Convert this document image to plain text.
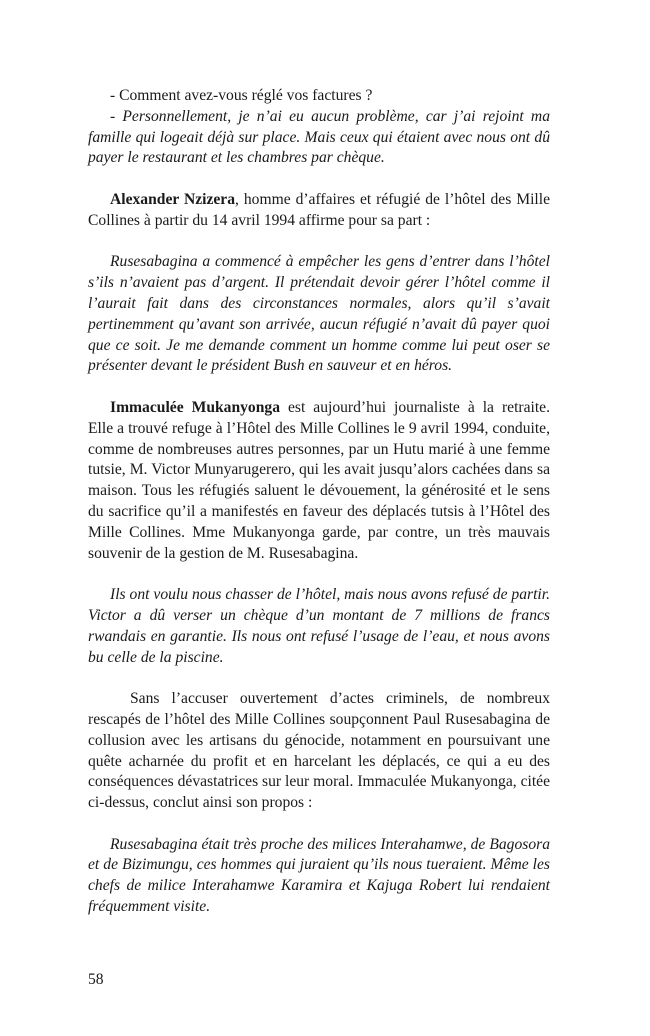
- Comment avez-vous réglé vos factures ?

- Personnellement, je n’ai eu aucun problème, car j’ai rejoint ma famille qui logeait déjà sur place. Mais ceux qui étaient avec nous ont dû payer le restaurant et les chambres par chèque.

Alexander Nzizera, homme d’affaires et réfugié de l’hôtel des Mille Collines à partir du 14 avril 1994 affirme pour sa part :

Rusesabagina a commencé à empêcher les gens d’entrer dans l’hôtel s’ils n’avaient pas d’argent. Il prétendait devoir gérer l’hôtel comme il l’aurait fait dans des circonstances normales, alors qu’il s’avait pertinemment qu’avant son arrivée, aucun réfugié n’avait dû payer quoi que ce soit. Je me demande comment un homme comme lui peut oser se présenter devant le président Bush en sauveur et en héros.

Immaculée Mukanyonga est aujourd’hui journaliste à la retraite. Elle a trouvé refuge à l’Hôtel des Mille Collines le 9 avril 1994, conduite, comme de nombreuses autres personnes, par un Hutu marié à une femme tutsie, M. Victor Munyarugerero, qui les avait jusqu’alors cachées dans sa maison. Tous les réfugiés saluent le dévouement, la générosité et le sens du sacrifice qu’il a manifestés en faveur des déplacés tutsis à l’Hôtel des Mille Collines. Mme Mukanyonga garde, par contre, un très mauvais souvenir de la gestion de M. Rusesabagina.

Ils ont voulu nous chasser de l’hôtel, mais nous avons refusé de partir. Victor a dû verser un chèque d’un montant de 7 millions de francs rwandais en garantie. Ils nous ont refusé l’usage de l’eau, et nous avons bu celle de la piscine.

Sans l’accuser ouvertement d’actes criminels, de nombreux rescapés de l’hôtel des Mille Collines soupçonnent Paul Rusesabagina de collusion avec les artisans du génocide, notamment en poursuivant une quête acharnée du profit et en harcelant les déplacés, ce qui a eu des conséquences dévastatrices sur leur moral. Immaculée Mukanyonga, citée ci-dessus, conclut ainsi son propos :

Rusesabagina était très proche des milices Interahamwe, de Bagosora et de Bizimungu, ces hommes qui juraient qu’ils nous tueraient. Même les chefs de milice Interahamwe Karamira et Kajuga Robert lui rendaient fréquemment visite.

58
